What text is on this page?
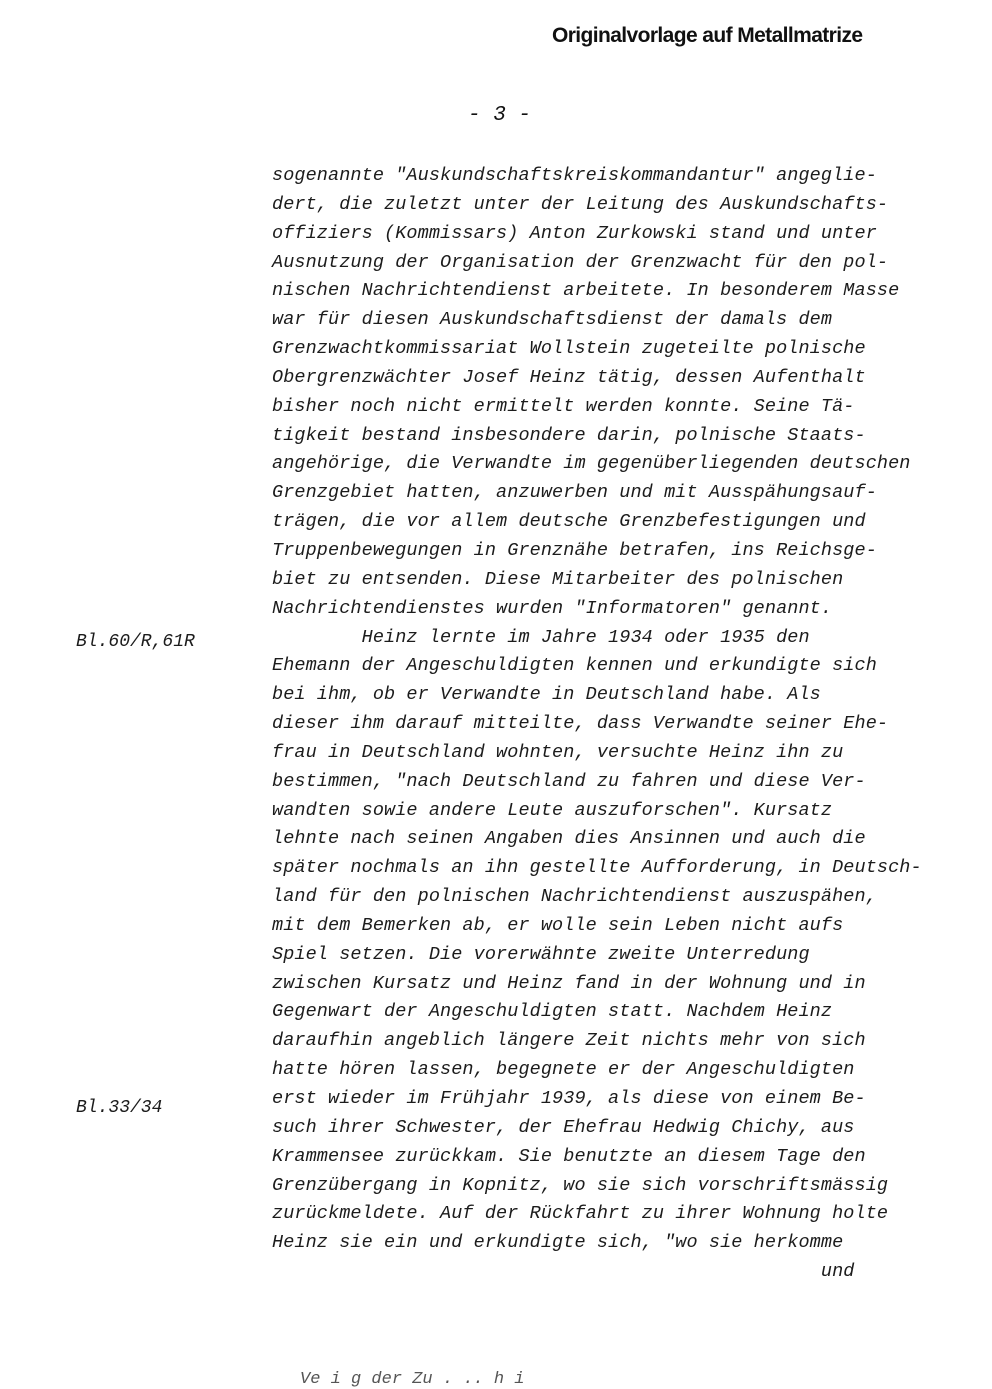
Originalvorlage auf Metallmatrize
- 3 -
Bl.60/R,61R
Bl.33/34
sogenannte "Auskundschaftskreiskommandantur" angeglie-
dert, die zuletzt unter der Leitung des Auskundschafts-
offiziers (Kommissars) Anton Zurkowski stand und unter
Ausnutzung der Organisation der Grenzwacht für den pol-
nischen Nachrichtendienst arbeitete. In besonderem Masse
war für diesen Auskundschaftsdienst der damals dem
Grenzwachtkommissariat Wollstein zugeteilte polnische
Obergrenzwächter Josef Heinz tätig, dessen Aufenthalt
bisher noch nicht ermittelt werden konnte. Seine Tä-
tigkeit bestand insbesondere darin, polnische Staats-
angehörige, die Verwandte im gegenüberliegenden deutschen
Grenzgebiet hatten, anzuwerben und mit Ausspähungsauf-
trägen, die vor allem deutsche Grenzbefestigungen und
Truppenbewegungen in Grenznähe betrafen, ins Reichsge-
biet zu entsenden. Diese Mitarbeiter des polnischen
Nachrichtendienstes wurden "Informatoren" genannt.
Heinz lernte im Jahre 1934 oder 1935 den
Ehemann der Angeschuldigten kennen und erkundigte sich
bei ihm, ob er Verwandte in Deutschland habe. Als
dieser ihm darauf mitteilte, dass Verwandte seiner Ehe-
frau in Deutschland wohnten, versuchte Heinz ihn zu
bestimmen, "nach Deutschland zu fahren und diese Ver-
wandten sowie andere Leute auszuforschen". Kursatz
lehnte nach seinen Angaben dies Ansinnen und auch die
später nochmals an ihn gestellte Aufforderung, in Deutsch-
land für den polnischen Nachrichtendienst auszuspähen,
mit dem Bemerken ab, er wolle sein Leben nicht aufs
Spiel setzen. Die vorerwähnte zweite Unterredung
zwischen Kursatz und Heinz fand in der Wohnung und in
Gegenwart der Angeschuldigten statt. Nachdem Heinz
daraufhin angeblich längere Zeit nichts mehr von sich
hatte hören lassen, begegnete er der Angeschuldigten
erst wieder im Frühjahr 1939, als diese von einem Be-
such ihrer Schwester, der Ehefrau Hedwig Chichy, aus
Krammensee zurückkam. Sie benutzte an diesem Tage den
Grenzübergang in Kopnitz, wo sie sich vorschriftsmässig
zurückmeldete. Auf der Rückfahrt zu ihrer Wohnung holte
Heinz sie ein und erkundigte sich, "wo sie herkomme
und
Ve i g der Zu . .. h i
